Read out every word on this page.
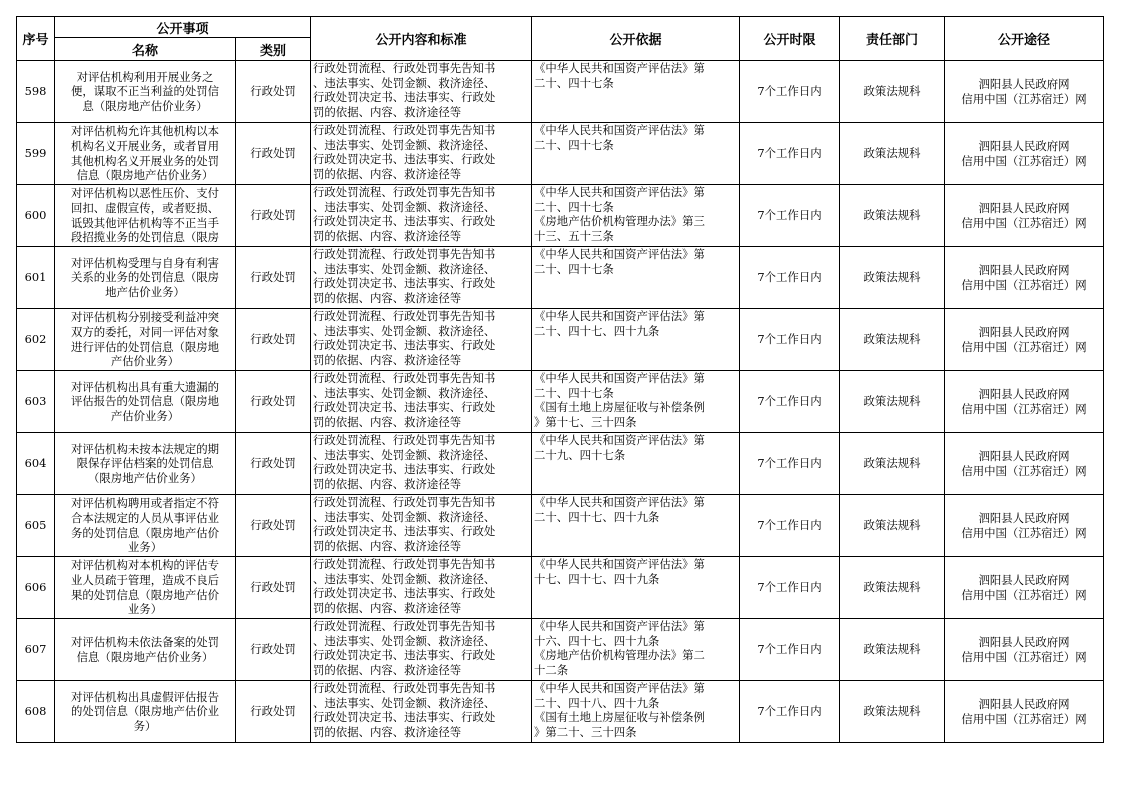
序号	公开事项		公开内容和标准	公开依据	公开时限	责任部门	公开途径
	名称	类别					
598	对评估机构利用开展业务之
便，谋取不正当利益的处罚信
息（限房地产估价业务）	行政处罚	行政处罚流程、行政处罚事先告知书
、违法事实、处罚金额、救济途径、
行政处罚决定书、违法事实、行政处
罚的依据、内容、救济途径等	《中华人民共和国资产评估法》第
二十、四十七条	7个工作日内	政策法规科	泗阳县人民政府网
信用中国（江苏宿迁）网

599	对评估机构允许其他机构以本
机构名义开展业务，或者冒用
其他机构名义开展业务的处罚
信息（限房地产估价业务）	行政处罚	行政处罚流程、行政处罚事先告知书
、违法事实、处罚金额、救济途径、
行政处罚决定书、违法事实、行政处
罚的依据、内容、救济途径等	《中华人民共和国资产评估法》第
二十、四十七条	7个工作日内	政策法规科	泗阳县人民政府网
信用中国（江苏宿迁）网

600	对评估机构以恶性压价、支付
回扣、虚假宣传，或者贬损、
诋毁其他评估机构等不正当手
段招揽业务的处罚信息（限房	行政处罚	行政处罚流程、行政处罚事先告知书
、违法事实、处罚金额、救济途径、
行政处罚决定书、违法事实、行政处
罚的依据、内容、救济途径等	《中华人民共和国资产评估法》第
二十、四十七条
《房地产估价机构管理办法》第三
十三、五十三条	7个工作日内	政策法规科	泗阳县人民政府网
信用中国（江苏宿迁）网

601	对评估机构受理与自身有利害
关系的业务的处罚信息（限房
地产估价业务）	行政处罚	行政处罚流程、行政处罚事先告知书
、违法事实、处罚金额、救济途径、
行政处罚决定书、违法事实、行政处
罚的依据、内容、救济途径等	《中华人民共和国资产评估法》第
二十、四十七条	7个工作日内	政策法规科	泗阳县人民政府网
信用中国（江苏宿迁）网

602	对评估机构分别接受利益冲突
双方的委托，对同一评估对象
进行评估的处罚信息（限房地
产估价业务）	行政处罚	行政处罚流程、行政处罚事先告知书
、违法事实、处罚金额、救济途径、
行政处罚决定书、违法事实、行政处
罚的依据、内容、救济途径等	《中华人民共和国资产评估法》第
二十、四十七、四十九条	7个工作日内	政策法规科	泗阳县人民政府网
信用中国（江苏宿迁）网

603	对评估机构出具有重大遗漏的
评估报告的处罚信息（限房地
产估价业务）	行政处罚	行政处罚流程、行政处罚事先告知书
、违法事实、处罚金额、救济途径、
行政处罚决定书、违法事实、行政处
罚的依据、内容、救济途径等	《中华人民共和国资产评估法》第
二十、四十七条
《国有土地上房屋征收与补偿条例
》第十七、三十四条	7个工作日内	政策法规科	泗阳县人民政府网
信用中国（江苏宿迁）网

604	对评估机构未按本法规定的期
限保存评估档案的处罚信息
（限房地产估价业务）	行政处罚	行政处罚流程、行政处罚事先告知书
、违法事实、处罚金额、救济途径、
行政处罚决定书、违法事实、行政处
罚的依据、内容、救济途径等	《中华人民共和国资产评估法》第
二十九、四十七条	7个工作日内	政策法规科	泗阳县人民政府网
信用中国（江苏宿迁）网

605	对评估机构聘用或者指定不符
合本法规定的人员从事评估业
务的处罚信息（限房地产估价
业务）	行政处罚	行政处罚流程、行政处罚事先告知书
、违法事实、处罚金额、救济途径、
行政处罚决定书、违法事实、行政处
罚的依据、内容、救济途径等	《中华人民共和国资产评估法》第
二十、四十七、四十九条	7个工作日内	政策法规科	泗阳县人民政府网
信用中国（江苏宿迁）网

606	对评估机构对本机构的评估专
业人员疏于管理，造成不良后
果的处罚信息（限房地产估价
业务）	行政处罚	行政处罚流程、行政处罚事先告知书
、违法事实、处罚金额、救济途径、
行政处罚决定书、违法事实、行政处
罚的依据、内容、救济途径等	《中华人民共和国资产评估法》第
十七、四十七、四十九条	7个工作日内	政策法规科	泗阳县人民政府网
信用中国（江苏宿迁）网

607	对评估机构未依法备案的处罚
信息（限房地产估价业务）	行政处罚	行政处罚流程、行政处罚事先告知书
、违法事实、处罚金额、救济途径、
行政处罚决定书、违法事实、行政处
罚的依据、内容、救济途径等	《中华人民共和国资产评估法》第
十六、四十七、四十九条
《房地产估价机构管理办法》第二
十二条	7个工作日内	政策法规科	泗阳县人民政府网
信用中国（江苏宿迁）网

608	对评估机构出具虚假评估报告
的处罚信息（限房地产估价业
务）	行政处罚	行政处罚流程、行政处罚事先告知书
、违法事实、处罚金额、救济途径、
行政处罚决定书、违法事实、行政处
罚的依据、内容、救济途径等	《中华人民共和国资产评估法》第
二十、四十八、四十九条
《国有土地上房屋征收与补偿条例
》第二十、三十四条	7个工作日内	政策法规科	泗阳县人民政府网
信用中国（江苏宿迁）网
